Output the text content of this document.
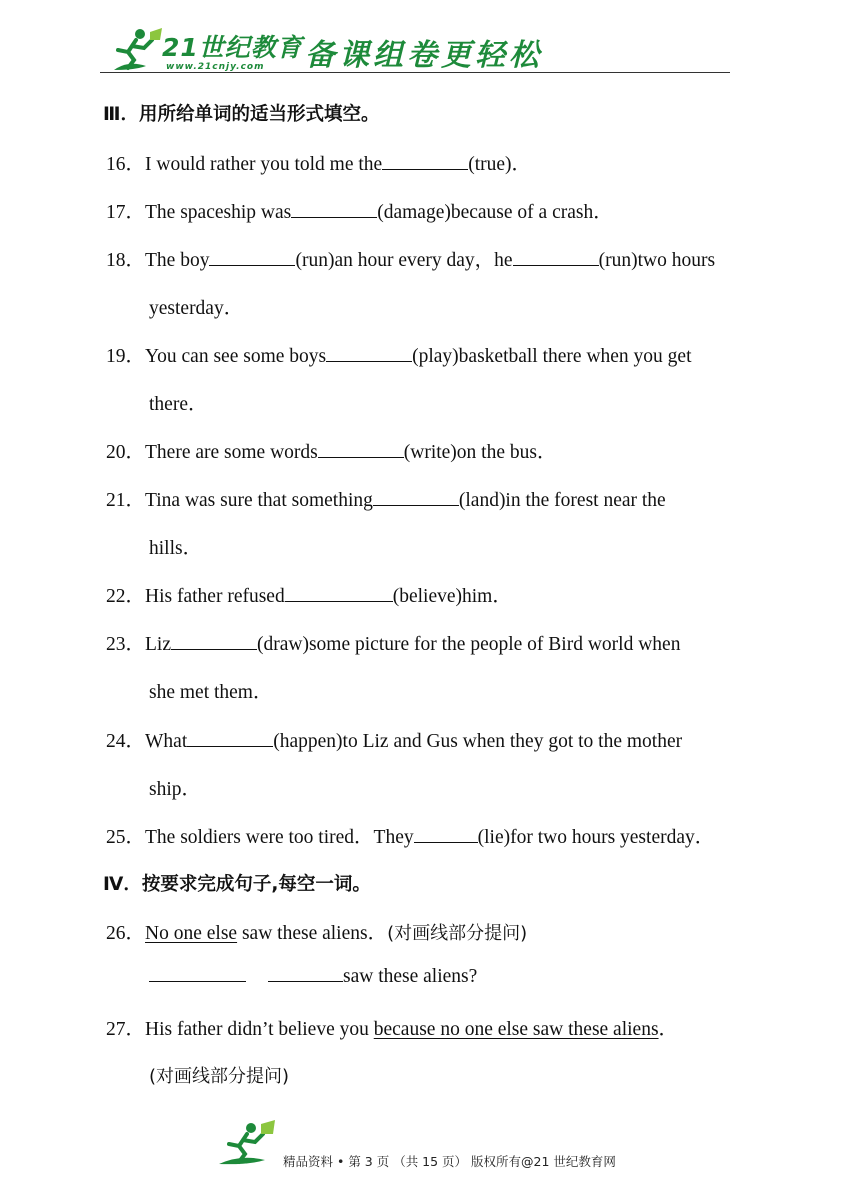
21世纪教育
www.21cnjy.com 备课组卷更轻松
Ⅲ．用所给单词的适当形式填空。
16．I would rather you told me the	(true)．
17．The spaceship was	(damage)because of a crash．
18．The boy	(run)an hour every day，he	(run)two hours
yesterday．
19．You can see some boys	(play)basketball there when you get
there．
20．There are some words	(write)on the bus．
21．Tina was sure that something	(land)in the forest near the
hills．
22．His father refused	(believe)him．
23．Liz	(draw)some picture for the people of Bird world when
she met them．
24．What	(happen)to Liz and Gus when they got to the mother
ship．
25．The soldiers were too tired．They	(lie)for two hours yesterday．
Ⅳ．按要求完成句子,每空一词。
26．No one else saw these aliens．(对画线部分提问)
saw these aliens?
27．His father didn’t believe you because no one else saw these aliens．
(对画线部分提问)
精品资料 • 第 3 页 （共 15 页） 版权所有@21 世纪教育网
